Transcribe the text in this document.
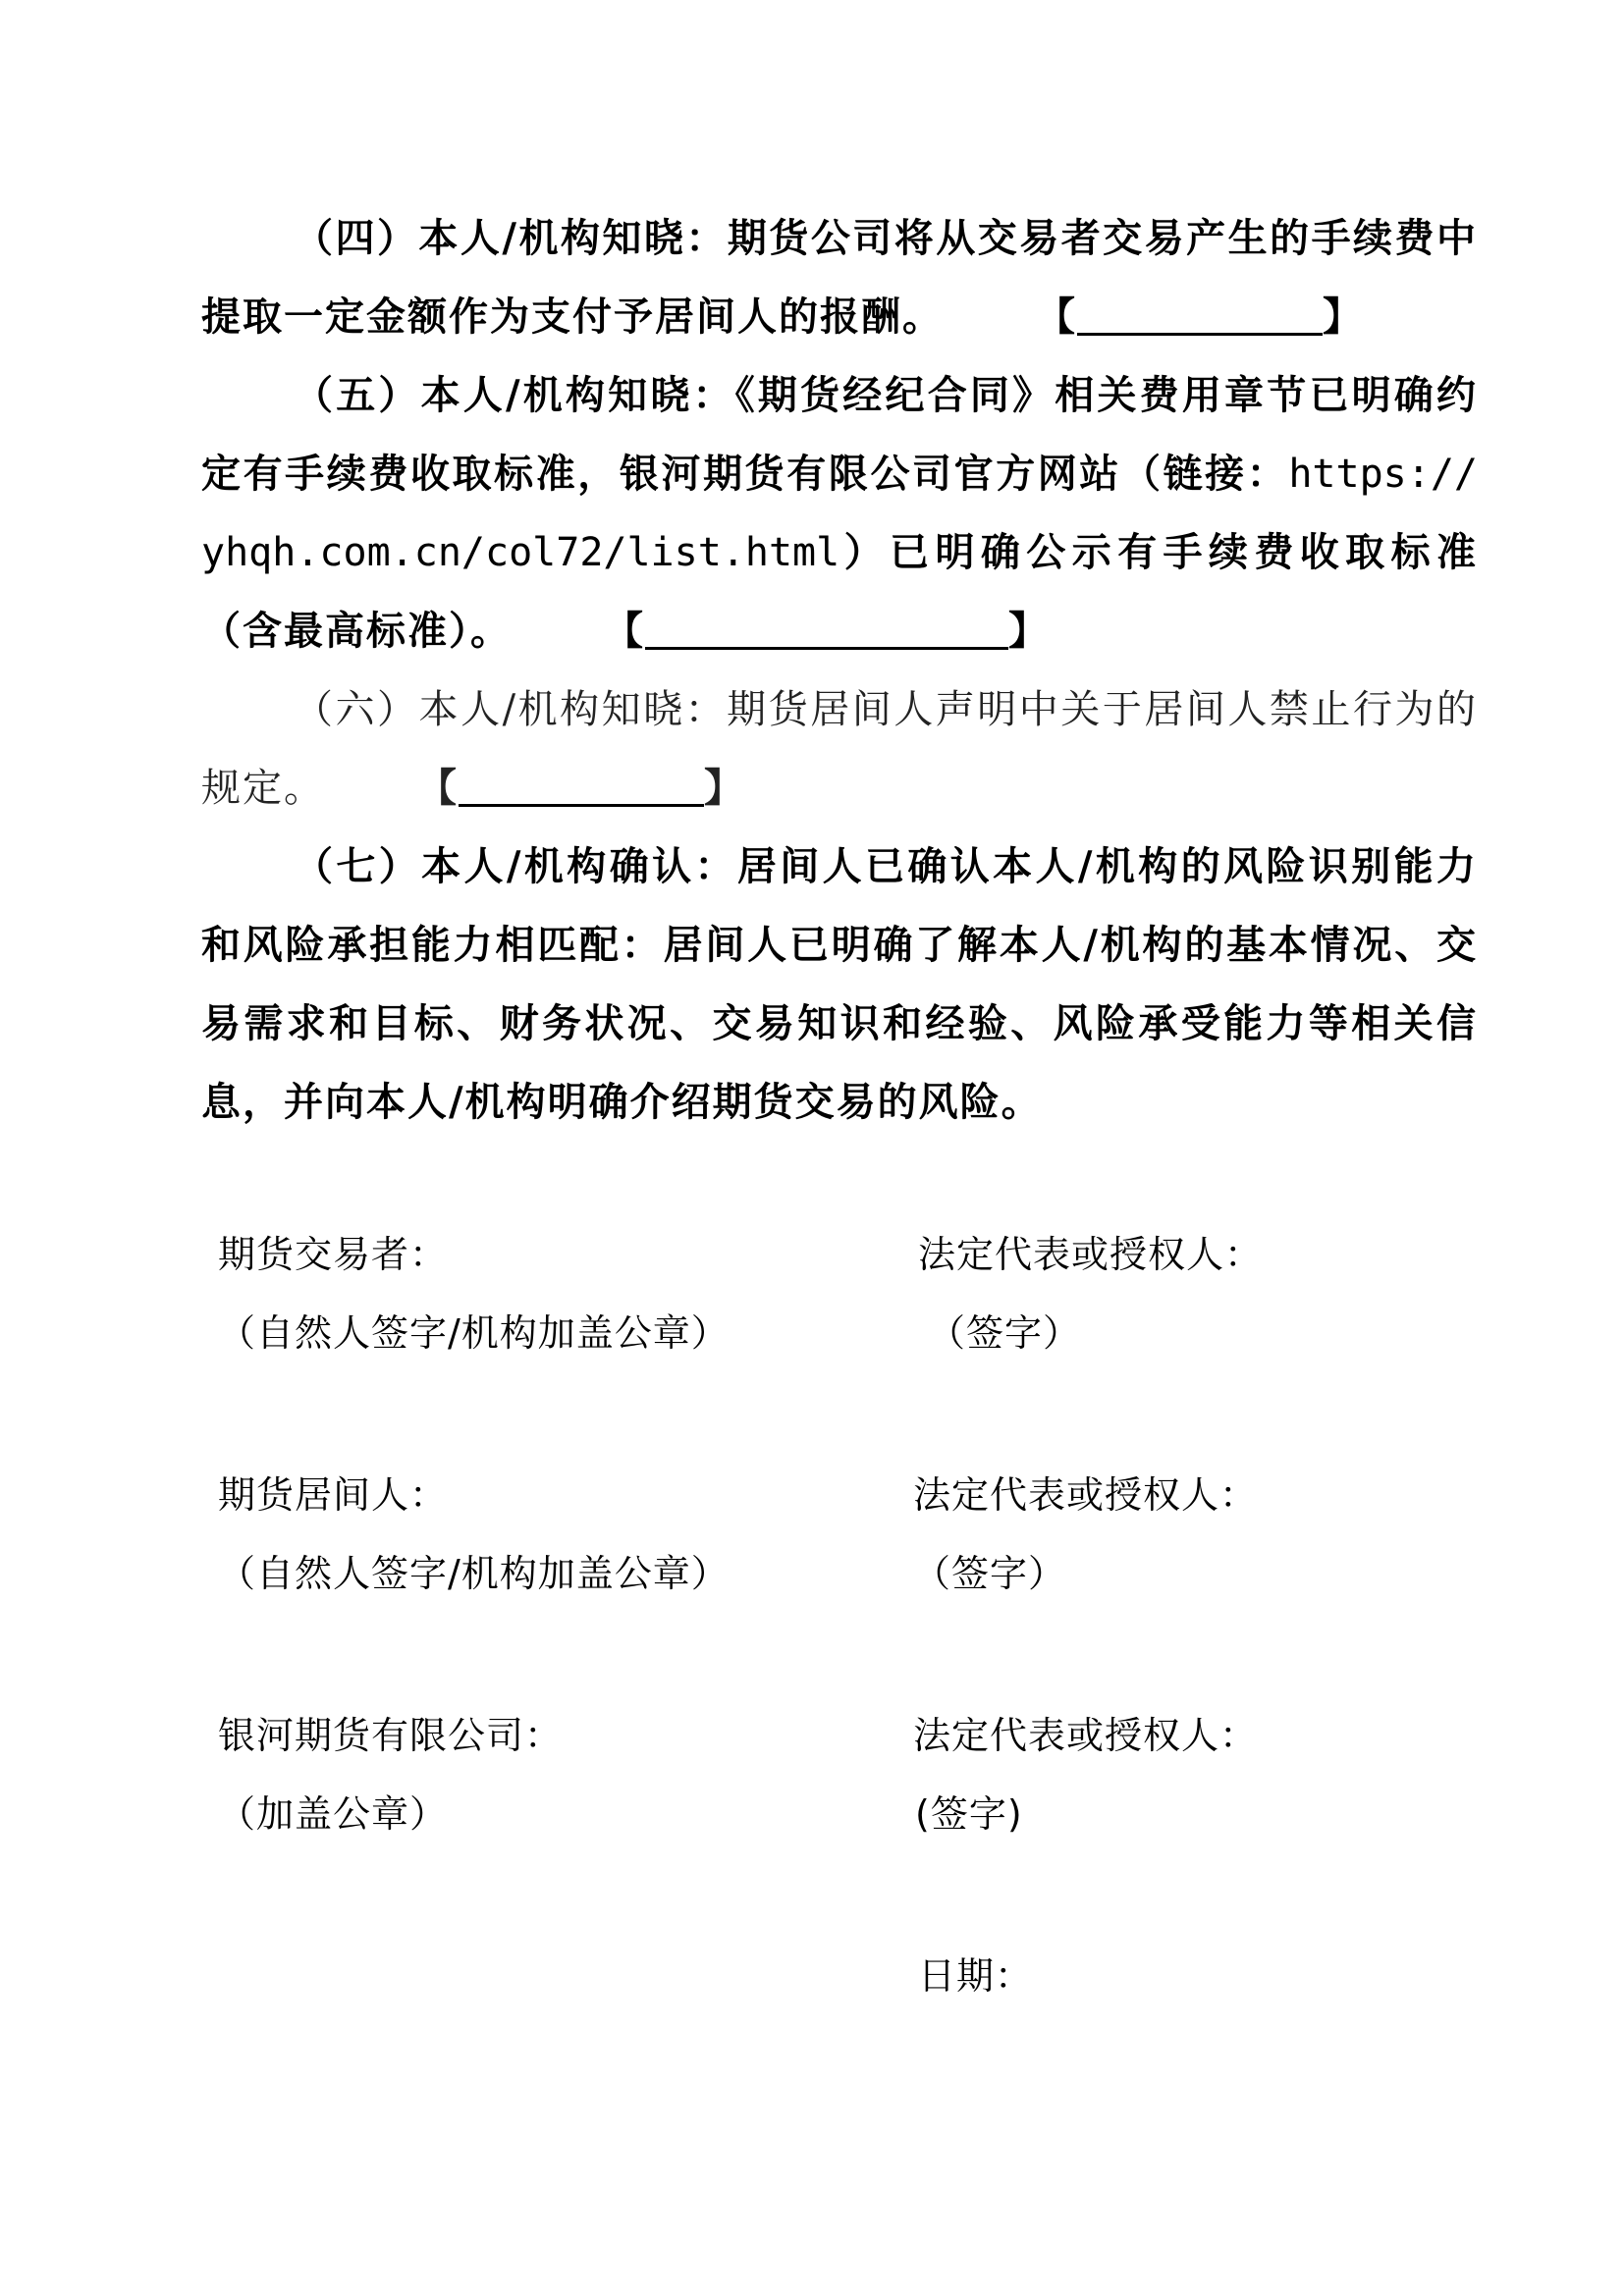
（四）本人/机构知晓：期货公司将从交易者交易产生的手续费中提取一定金额作为支付予居间人的报酬。 【	】

（五）本人/机构知晓：《期货经纪合同》相关费用章节已明确约定有手续费收取标准，银河期货有限公司官方网站（链接：https://yhqh.com.cn/col72/list.html）已明确公示有手续费收取标准（含最高标准）。 【	】

（六）本人/机构知晓：期货居间人声明中关于居间人禁止行为的规定。 【	】

（七）本人/机构确认：居间人已确认本人/机构的风险识别能力和风险承担能力相匹配：居间人已明确了解本人/机构的基本情况、交易需求和目标、财务状况、交易知识和经验、风险承受能力等相关信息，并向本人/机构明确介绍期货交易的风险。

期货交易者：
（自然人签字/机构加盖公章）
法定代表或授权人：
（签字）
期货居间人：
（自然人签字/机构加盖公章）
法定代表或授权人：
（签字）
银河期货有限公司：
（加盖公章）
法定代表或授权人：
(签字)
日期：
